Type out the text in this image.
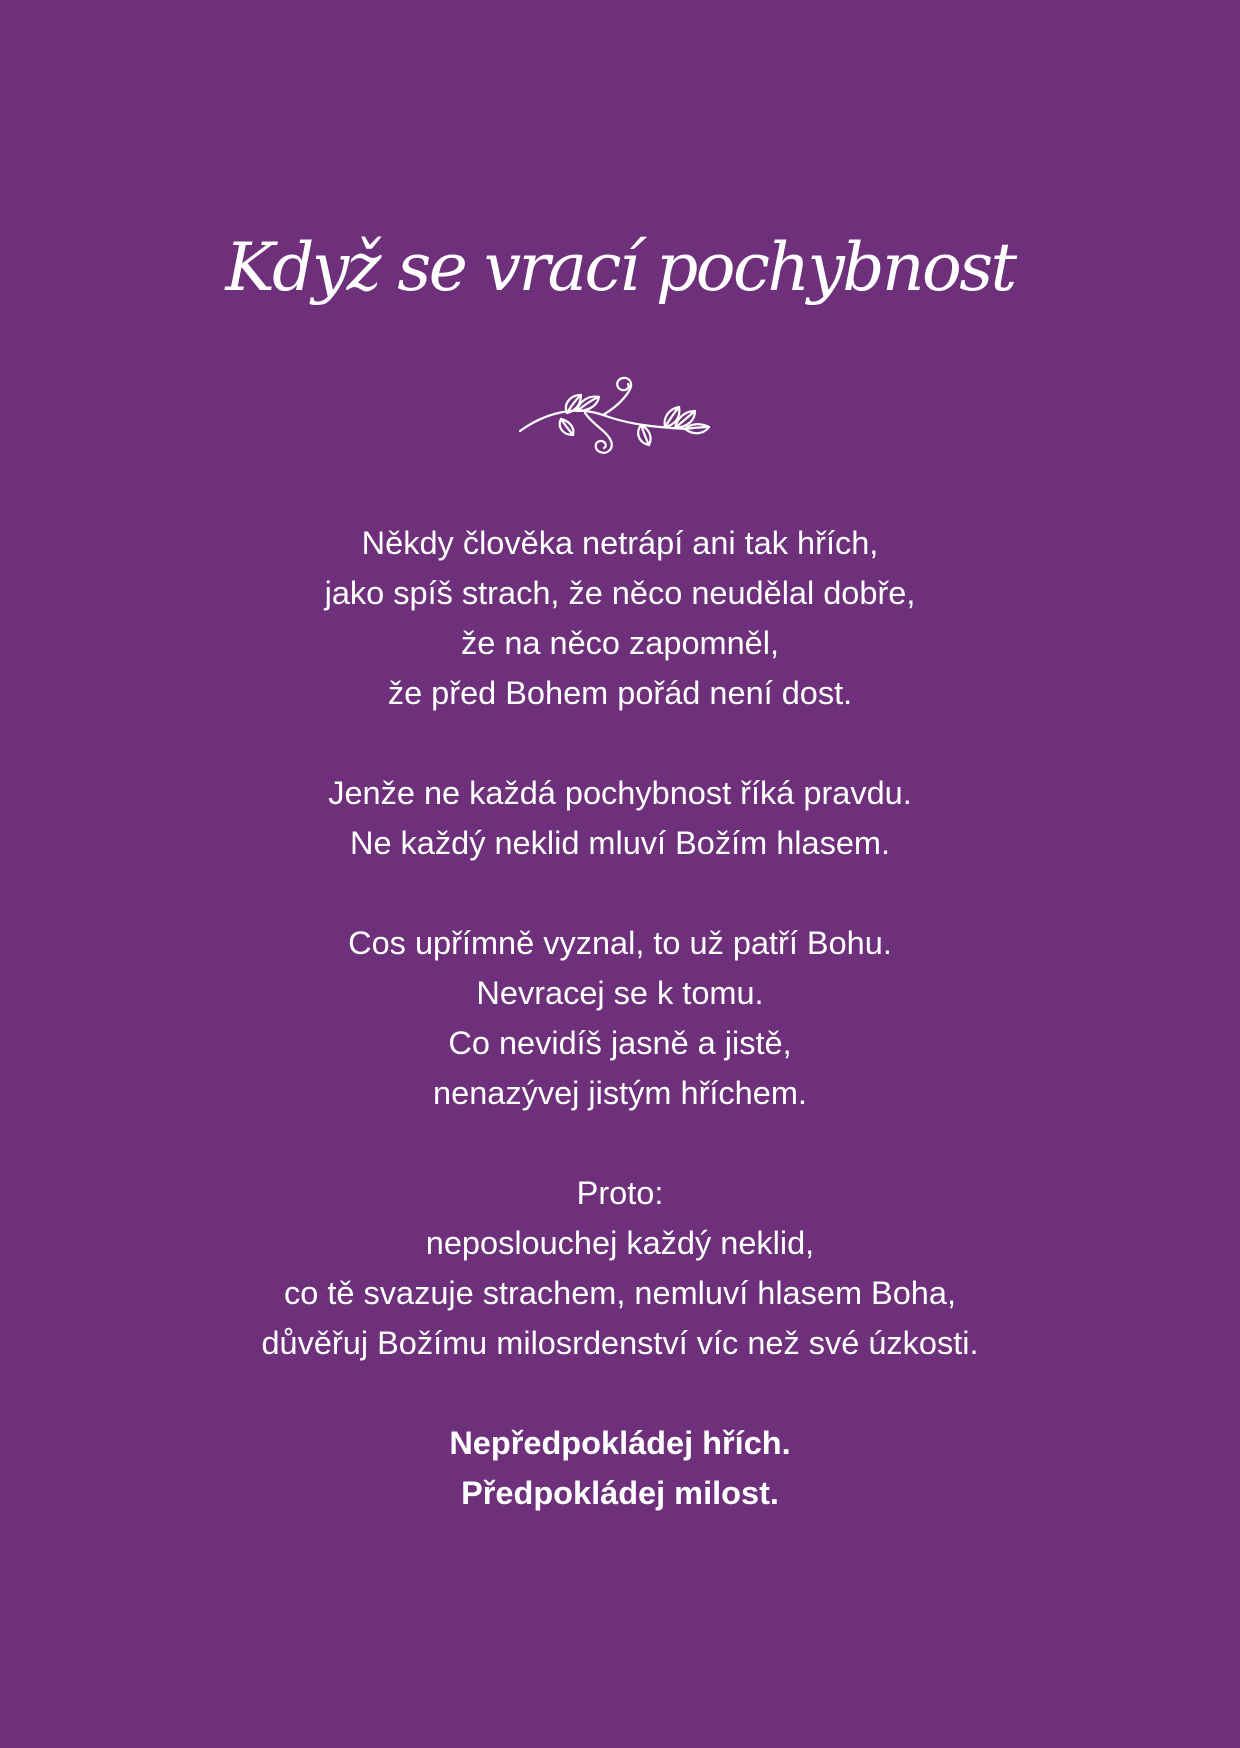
Když se vrací pochybnost

Někdy člověka netrápí ani tak hřích,
jako spíš strach, že něco neudělal dobře,
že na něco zapomněl,
že před Bohem pořád není dost.

Jenže ne každá pochybnost říká pravdu.
Ne každý neklid mluví Božím hlasem.

Cos upřímně vyznal, to už patří Bohu.
Nevracej se k tomu.
Co nevidíš jasně a jistě,
nenazývej jistým hříchem.

Proto:
neposlouchej každý neklid,
co tě svazuje strachem, nemluví hlasem Boha,
důvěřuj Božímu milosrdenství víc než své úzkosti.

Nepředpokládej hřích.
Předpokládej milost.
